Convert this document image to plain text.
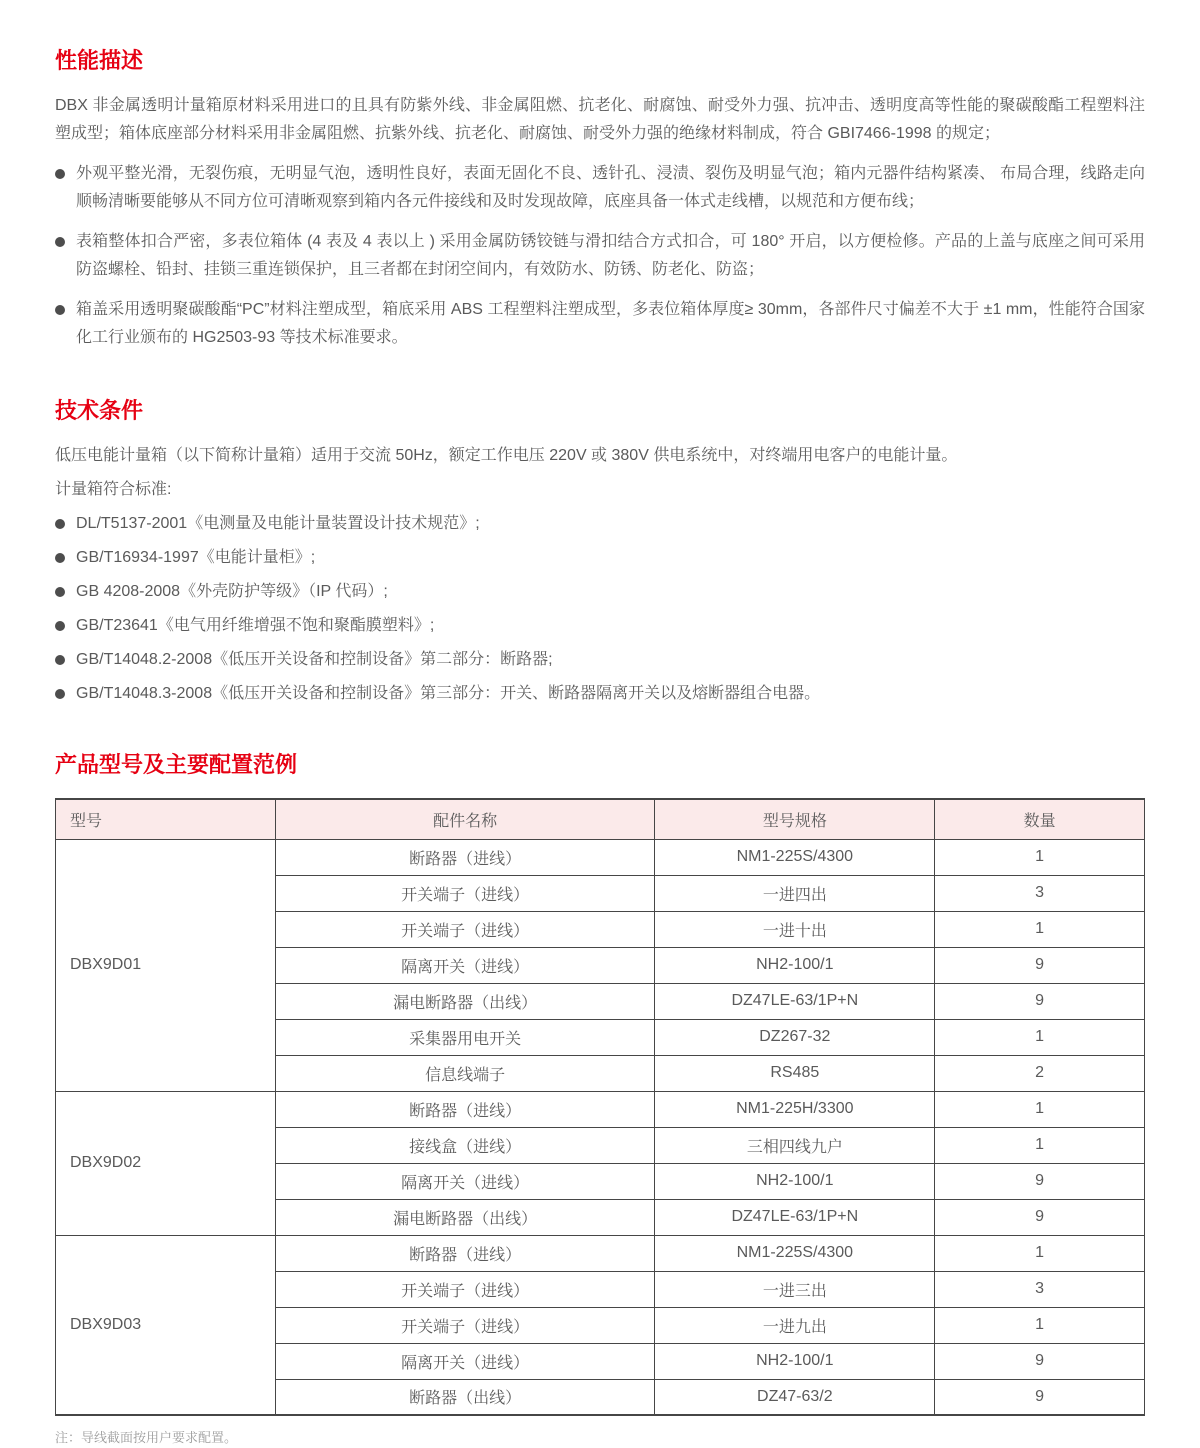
性能描述

DBX 非金属透明计量箱原材料采用进口的且具有防紫外线、非金属阻燃、抗老化、耐腐蚀、耐受外力强、抗冲击、透明度高等性能的聚碳酸酯工程塑料注塑成型；箱体底座部分材料采用非金属阻燃、抗紫外线、抗老化、耐腐蚀、耐受外力强的绝缘材料制成，符合 GBI7466-1998 的规定；

外观平整光滑，无裂伤痕，无明显气泡，透明性良好，表面无固化不良、透针孔、浸渍、裂伤及明显气泡；箱内元器件结构紧凑、 布局合理，线路走向顺畅清晰要能够从不同方位可清晰观察到箱内各元件接线和及时发现故障，底座具备一体式走线槽，以规范和方便布线；
表箱整体扣合严密，多表位箱体 (4 表及 4 表以上 ) 采用金属防锈铰链与滑扣结合方式扣合，可 180° 开启，以方便检修。产品的上盖与底座之间可采用防盗螺栓、铅封、挂锁三重连锁保护，且三者都在封闭空间内，有效防水、防锈、防老化、防盗；
箱盖采用透明聚碳酸酯“PC”材料注塑成型，箱底采用 ABS 工程塑料注塑成型，多表位箱体厚度≥ 30mm，各部件尺寸偏差不大于 ±1 mm，性能符合国家化工行业颁布的 HG2503-93 等技术标准要求。
技术条件

低压电能计量箱（以下简称计量箱）适用于交流 50Hz，额定工作电压 220V 或 380V 供电系统中，对终端用电客户的电能计量。

计量箱符合标准:

DL/T5137-2001《电测量及电能计量装置设计技术规范》;
GB/T16934-1997《电能计量柜》;
GB 4208-2008《外壳防护等级》（IP 代码）;
GB/T23641《电气用纤维增强不饱和聚酯膜塑料》;
GB/T14048.2-2008《低压开关设备和控制设备》第二部分：断路器;
GB/T14048.3-2008《低压开关设备和控制设备》第三部分：开关、断路器隔离开关以及熔断器组合电器。
产品型号及主要配置范例
型号	配件名称	型号规格	数量
DBX9D01	断路器（进线）	NM1-225S/4300	1
	开关端子（进线）	一进四出	3
	开关端子（进线）	一进十出	1
	隔离开关（进线）	NH2-100/1	9
	漏电断路器（出线）	DZ47LE-63/1P+N	9
	采集器用电开关	DZ267-32	1
	信息线端子	RS485	2
DBX9D02	断路器（进线）	NM1-225H/3300	1
	接线盒（进线）	三相四线九户	1
	隔离开关（进线）	NH2-100/1	9
	漏电断路器（出线）	DZ47LE-63/1P+N	9
DBX9D03	断路器（进线）	NM1-225S/4300	1
	开关端子（进线）	一进三出	3
	开关端子（进线）	一进九出	1
	隔离开关（进线）	NH2-100/1	9
	断路器（出线）	DZ47-63/2	9

注：导线截面按用户要求配置。
